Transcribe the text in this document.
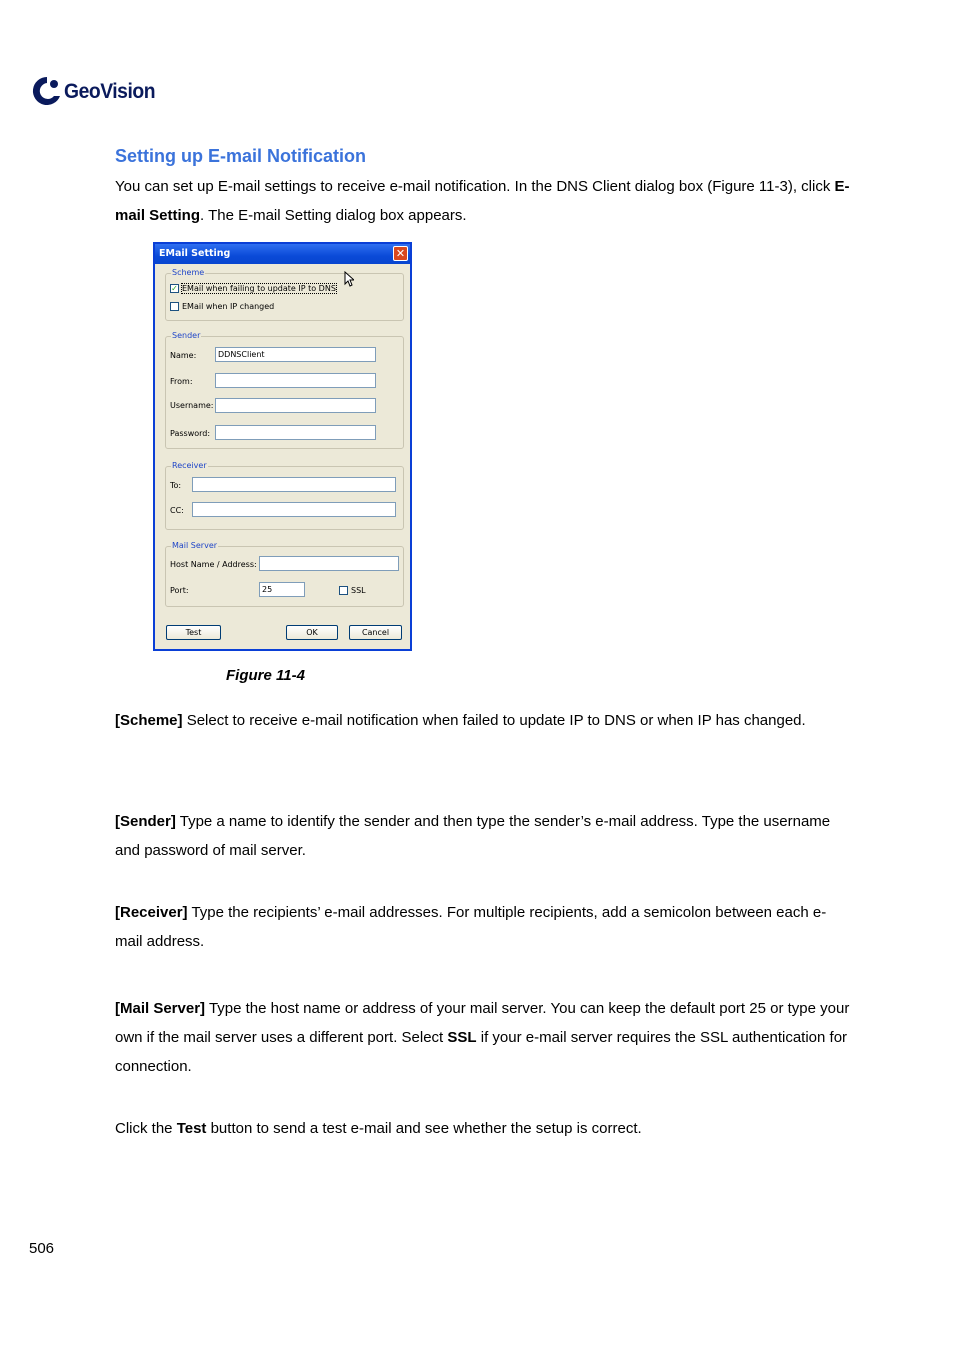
GeoVision
Setting up E-mail Notification
You can set up E-mail settings to receive e-mail notification. In the DNS Client dialog box (Figure 11-3), click E-mail Setting. The E-mail Setting dialog box appears.
EMail Setting	✕
Scheme
✓ EMail when failing to update IP to DNS
EMail when IP changed
Sender
Name:	DDNSClient
From:
Username:
Password:
Receiver
To:
CC:
Mail Server
Host Name / Address:
Port:	25	SSL
Test	OK	Cancel
Figure 11-4
[Scheme] Select to receive e-mail notification when failed to update IP to DNS or when IP has changed.
[Sender] Type a name to identify the sender and then type the sender’s e-mail address. Type the username and password of mail server.
[Receiver] Type the recipients’ e-mail addresses. For multiple recipients, add a semicolon between each e-mail address.
[Mail Server] Type the host name or address of your mail server. You can keep the default port 25 or type your own if the mail server uses a different port. Select SSL if your e-mail server requires the SSL authentication for connection.
Click the Test button to send a test e-mail and see whether the setup is correct.
506
